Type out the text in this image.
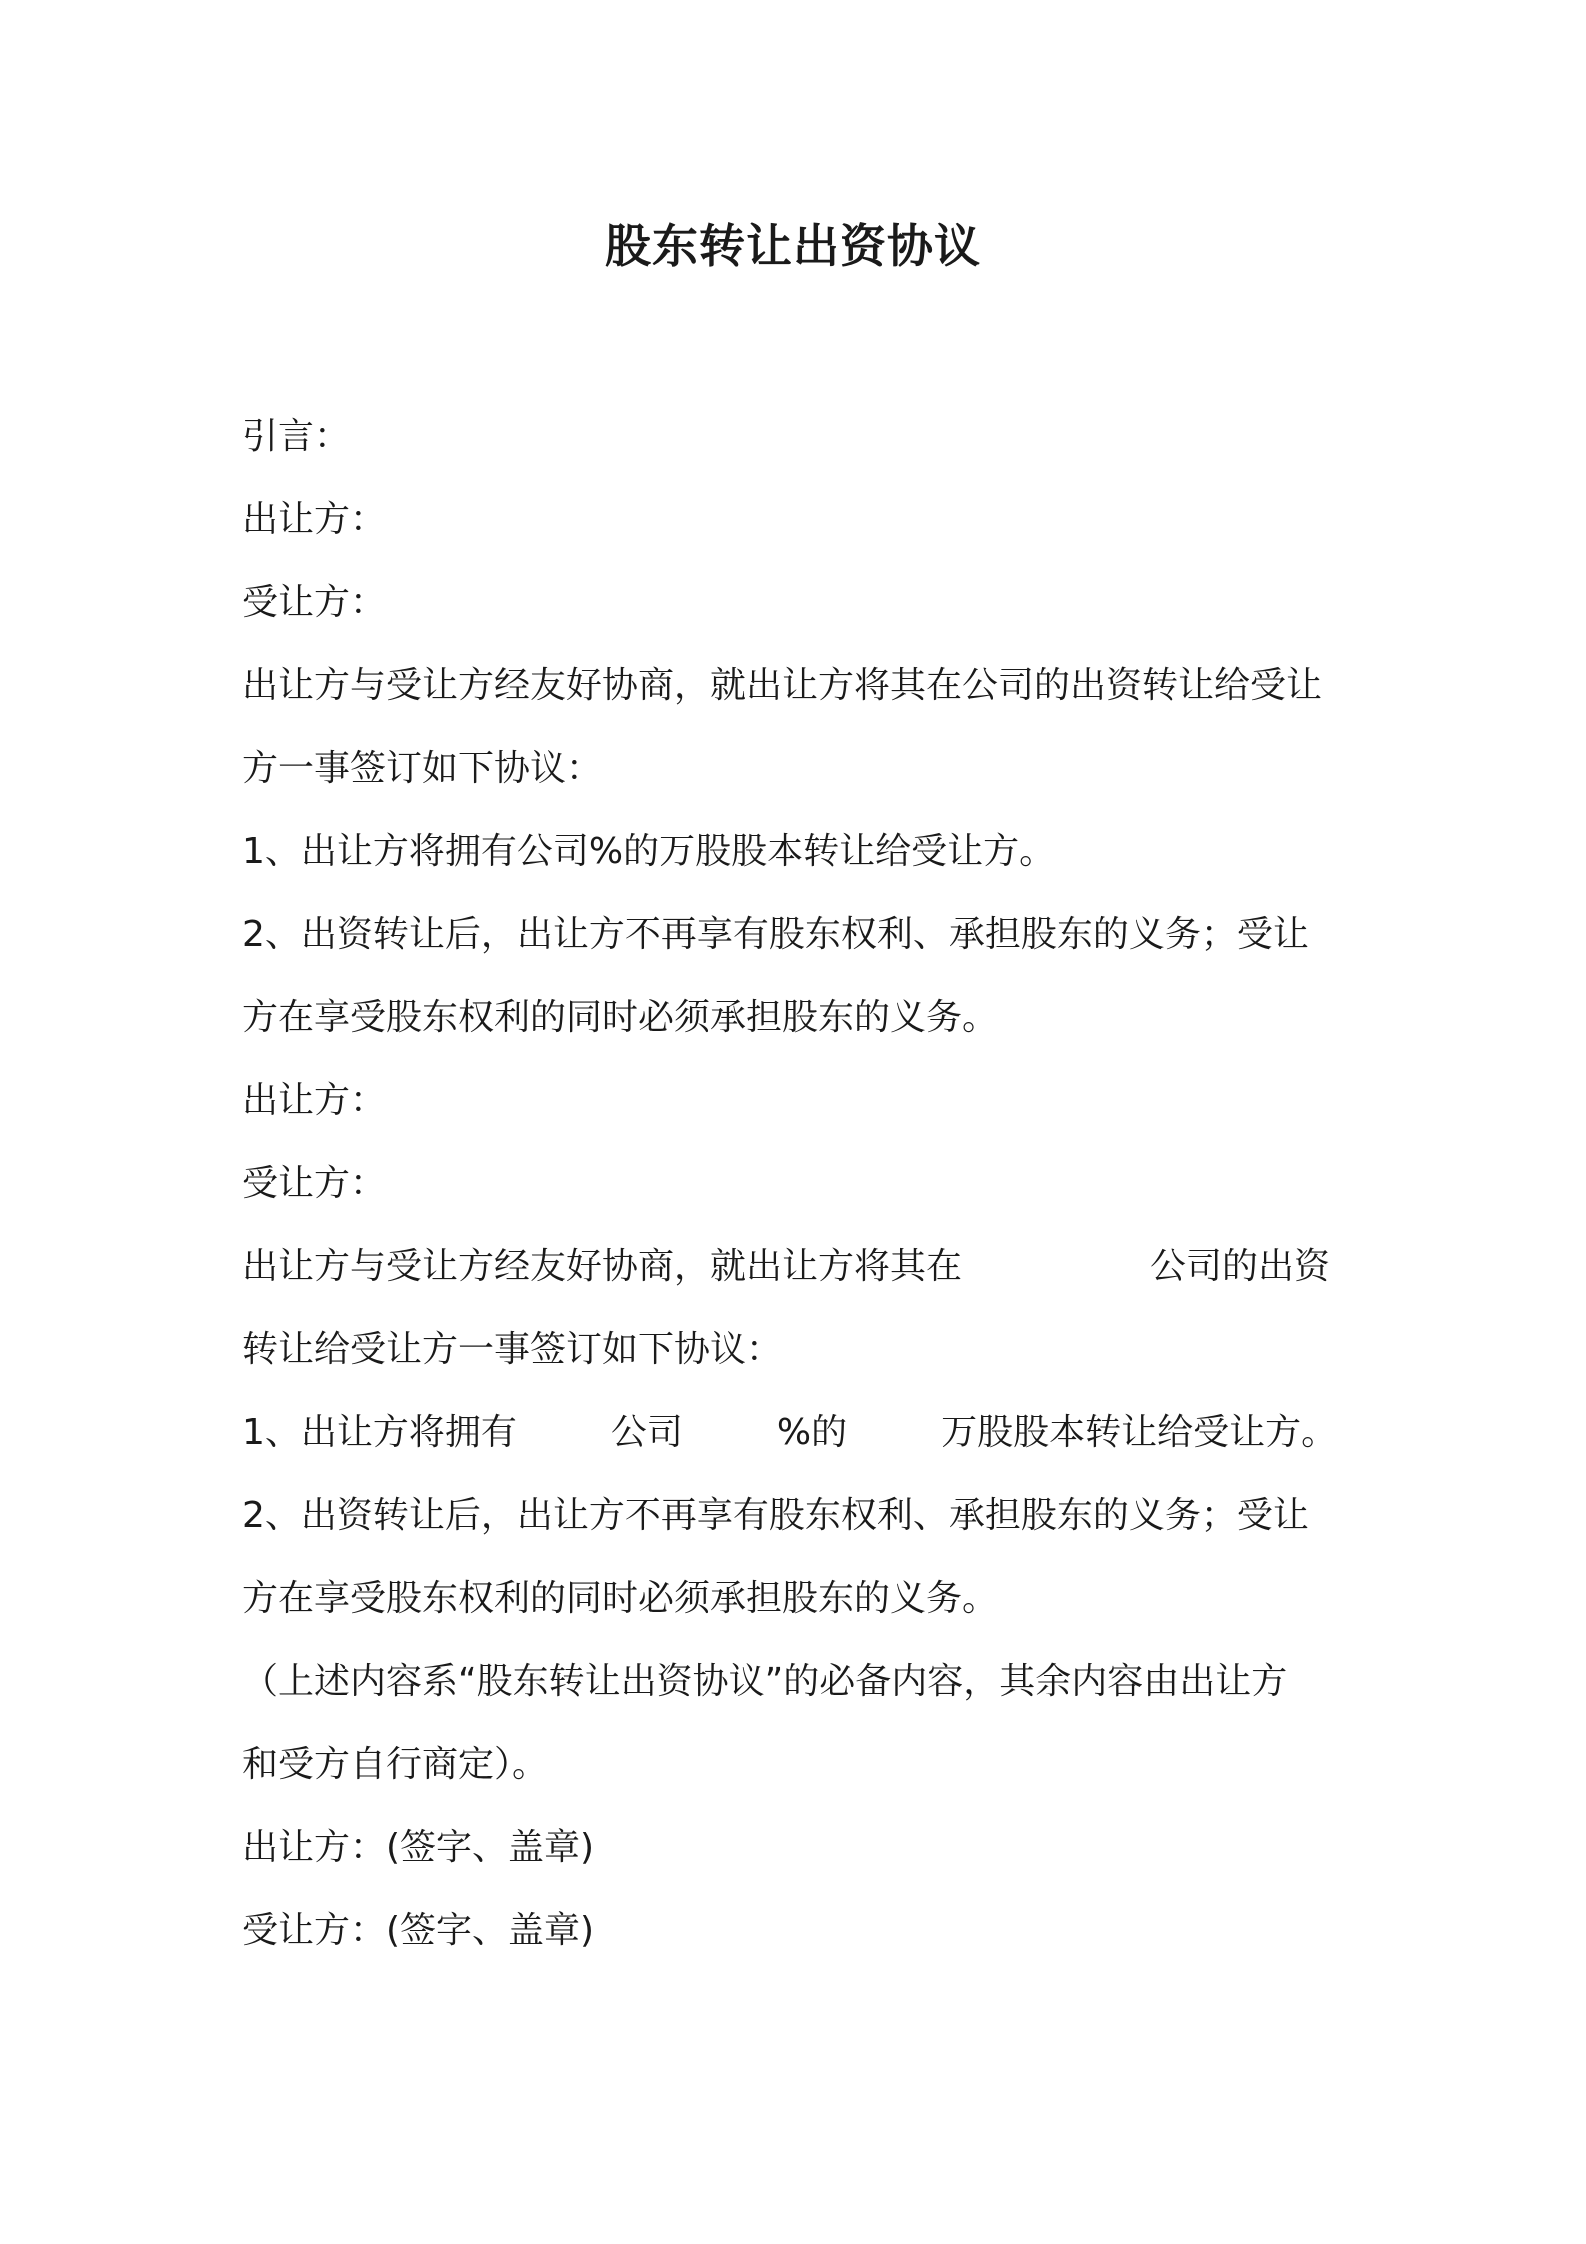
股东转让出资协议
引言：
出让方：
受让方：
出让方与受让方经友好协商，就出让方将其在公司的出资转让给受让
方一事签订如下协议：
1、出让方将拥有公司%的万股股本转让给受让方。
2、出资转让后，出让方不再享有股东权利、承担股东的义务；受让
方在享受股东权利的同时必须承担股东的义务。
出让方：
受让方：
出让方与受让方经友好协商，就出让方将其在	公司的出资
转让给受让方一事签订如下协议：
1、出让方将拥有	公司	%的	万股股本转让给受让方。
2、出资转让后，出让方不再享有股东权利、承担股东的义务；受让
方在享受股东权利的同时必须承担股东的义务。
（上述内容系“股东转让出资协议”的必备内容，其余内容由出让方
和受方自行商定）。
出让方：(签字、盖章)
受让方：(签字、盖章)
